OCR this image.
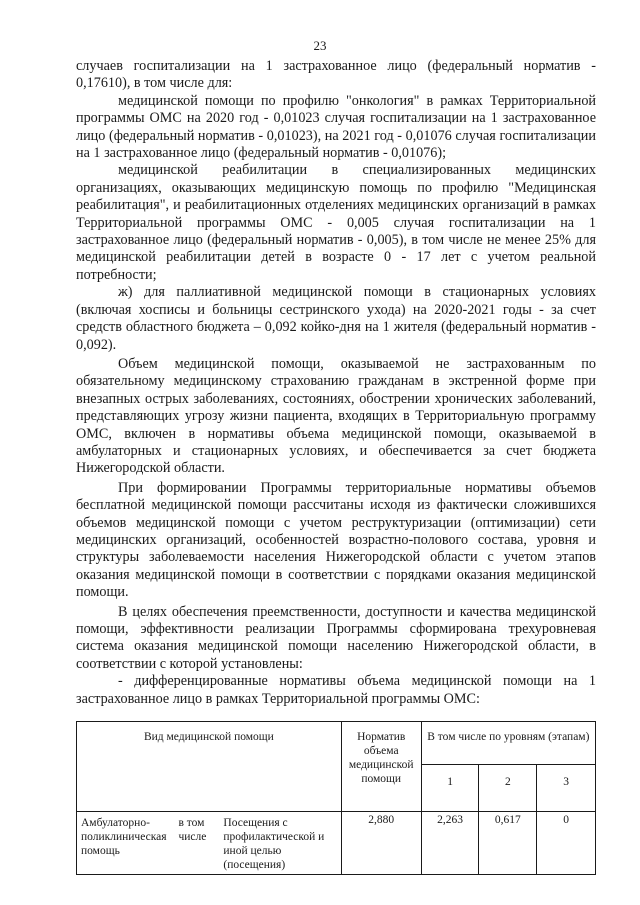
23

случаев госпитализации на 1 застрахованное лицо (федеральный норматив - 0,17610), в том числе для:

медицинской помощи по профилю "онкология" в рамках Территориальной программы ОМС на 2020 год - 0,01023 случая госпитализации на 1 застрахованное лицо (федеральный норматив - 0,01023), на 2021 год - 0,01076 случая госпитализации на 1 застрахованное лицо (федеральный норматив - 0,01076);

медицинской реабилитации в специализированных медицинских организациях, оказывающих медицинскую помощь по профилю "Медицинская реабилитация", и реабилитационных отделениях медицинских организаций в рамках Территориальной программы ОМС - 0,005 случая госпитализации на 1 застрахованное лицо (федеральный норматив - 0,005), в том числе не менее 25% для медицинской реабилитации детей в возрасте 0 - 17 лет с учетом реальной потребности;

ж) для паллиативной медицинской помощи в стационарных условиях (включая хосписы и больницы сестринского ухода) на 2020-2021 годы - за счет средств областного бюджета – 0,092 койко-дня на 1 жителя (федеральный норматив - 0,092).

Объем медицинской помощи, оказываемой не застрахованным по обязательному медицинскому страхованию гражданам в экстренной форме при внезапных острых заболеваниях, состояниях, обострении хронических заболеваний, представляющих угрозу жизни пациента, входящих в Территориальную программу ОМС, включен в нормативы объема медицинской помощи, оказываемой в амбулаторных и стационарных условиях, и обеспечивается за счет бюджета Нижегородской области.

При формировании Программы территориальные нормативы объемов бесплатной медицинской помощи рассчитаны исходя из фактически сложившихся объемов медицинской помощи с учетом реструктуризации (оптимизации) сети медицинских организаций, особенностей возрастно-полового состава, уровня и структуры заболеваемости населения Нижегородской области с учетом этапов оказания медицинской помощи в соответствии с порядками оказания медицинской помощи.

В целях обеспечения преемственности, доступности и качества медицинской помощи, эффективности реализации Программы сформирована трехуровневая система оказания медицинской помощи населению Нижегородской области, в соответствии с которой установлены:

- дифференцированные нормативы объема медицинской помощи на 1 застрахованное лицо в рамках Территориальной программы ОМС:

Вид медицинской помощи			Норматив объема медицинской помощи	В том числе по уровням (этапам)		
				1	2	3
Амбулаторно-поликлиническая помощь	в том числе	Посещения с профилактической и иной целью (посещения)	2,880	2,263	0,617	0
